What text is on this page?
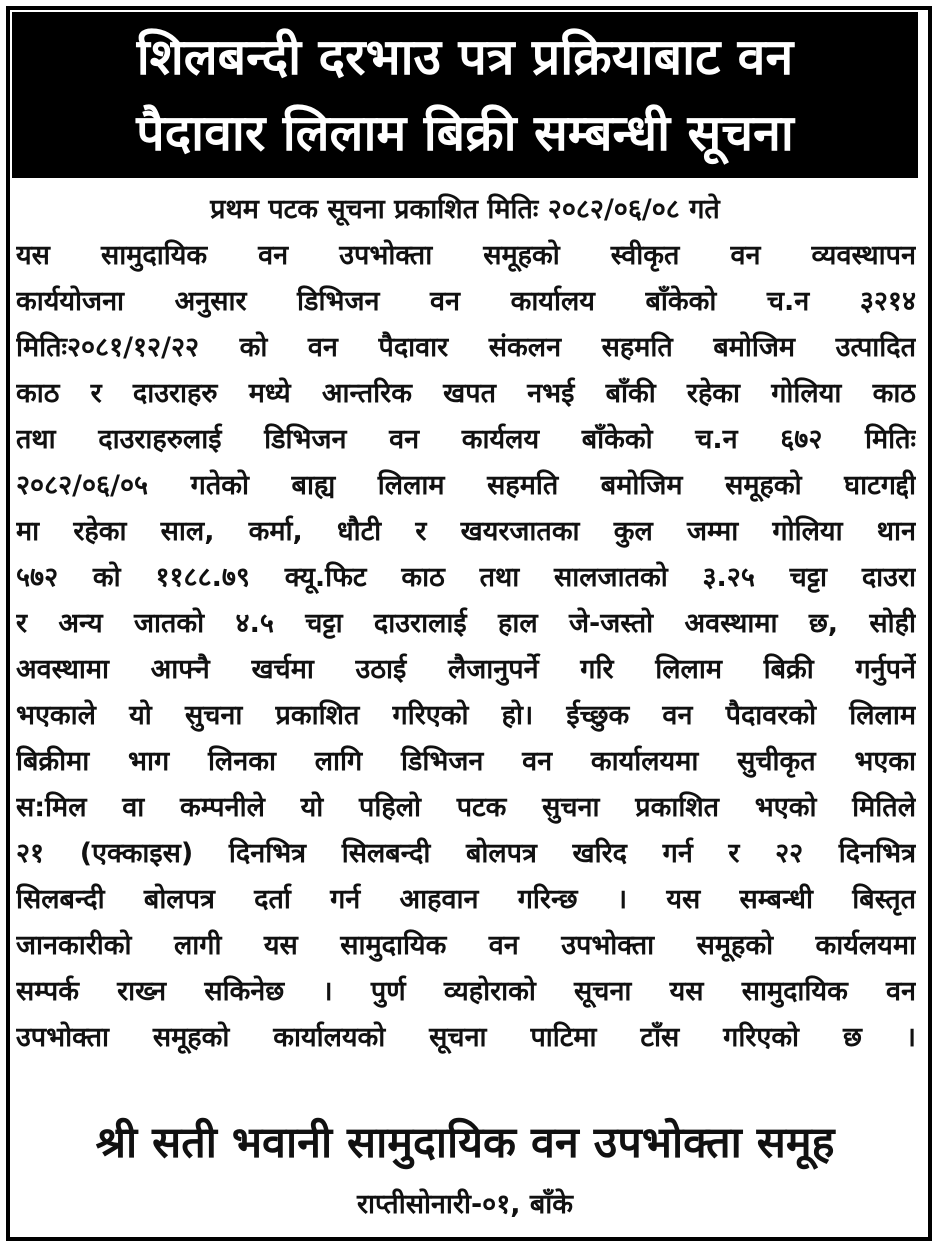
शिलबन्दी दरभाउ पत्र प्रक्रियाबाट वन
पैदावार लिलाम बिक्री सम्बन्धी सूचना
प्रथम पटक सूचना प्रकाशित मितिः २०८२/०६/०८ गते
यस सामुदायिक वन उपभोक्ता समूहको स्वीकृत वन व्यवस्थापन
कार्ययोजना अनुसार डिभिजन वन कार्यालय बाँकेको च.न ३२१४
मितिः२०८१/१२/२२ को वन पैदावार संकलन सहमति बमोजिम उत्पादित
काठ र दाउराहरु मध्ये आन्तरिक खपत नभई बाँकी रहेका गोलिया काठ
तथा दाउराहरुलाई डिभिजन वन कार्यलय बाँकेको च.न ६७२ मितिः
२०८२/०६/०५ गतेको बाह्य लिलाम सहमति बमोजिम समूहको घाटगद्दी
मा रहेका साल, कर्मा, धौटी र खयरजातका कुल जम्मा गोलिया थान
५७२ को ११८८.७९ क्यू.फिट काठ तथा सालजातको ३.२५ चट्टा दाउरा
र अन्य जातको ४.५ चट्टा दाउरालाई हाल जे-जस्तो अवस्थामा छ, सोही
अवस्थामा आफ्नै खर्चमा उठाई लैजानुपर्ने गरि लिलाम बिक्री गर्नुपर्ने
भएकाले यो सुचना प्रकाशित गरिएको हो। ईच्छुक वन पैदावरको लिलाम
बिक्रीमा भाग लिनका लागि डिभिजन वन कार्यालयमा सुचीकृत भएका
स:मिल वा कम्पनीले यो पहिलो पटक सुचना प्रकाशित भएको मितिले
२१ (एक्काइस) दिनभित्र सिलबन्दी बोलपत्र खरिद गर्न र २२ दिनभित्र
सिलबन्दी बोलपत्र दर्ता गर्न आहवान गरिन्छ । यस सम्बन्धी बिस्तृत
जानकारीको लागी यस सामुदायिक वन उपभोक्ता समूहको कार्यलयमा
सम्पर्क राख्न सकिनेछ । पुर्ण व्यहोराको सूचना यस सामुदायिक वन
उपभोक्ता समूहको कार्यालयको सूचना पाटिमा टाँस गरिएको छ ।
श्री सती भवानी सामुदायिक वन उपभोक्ता समूह
राप्तीसोनारी-०१, बाँके
